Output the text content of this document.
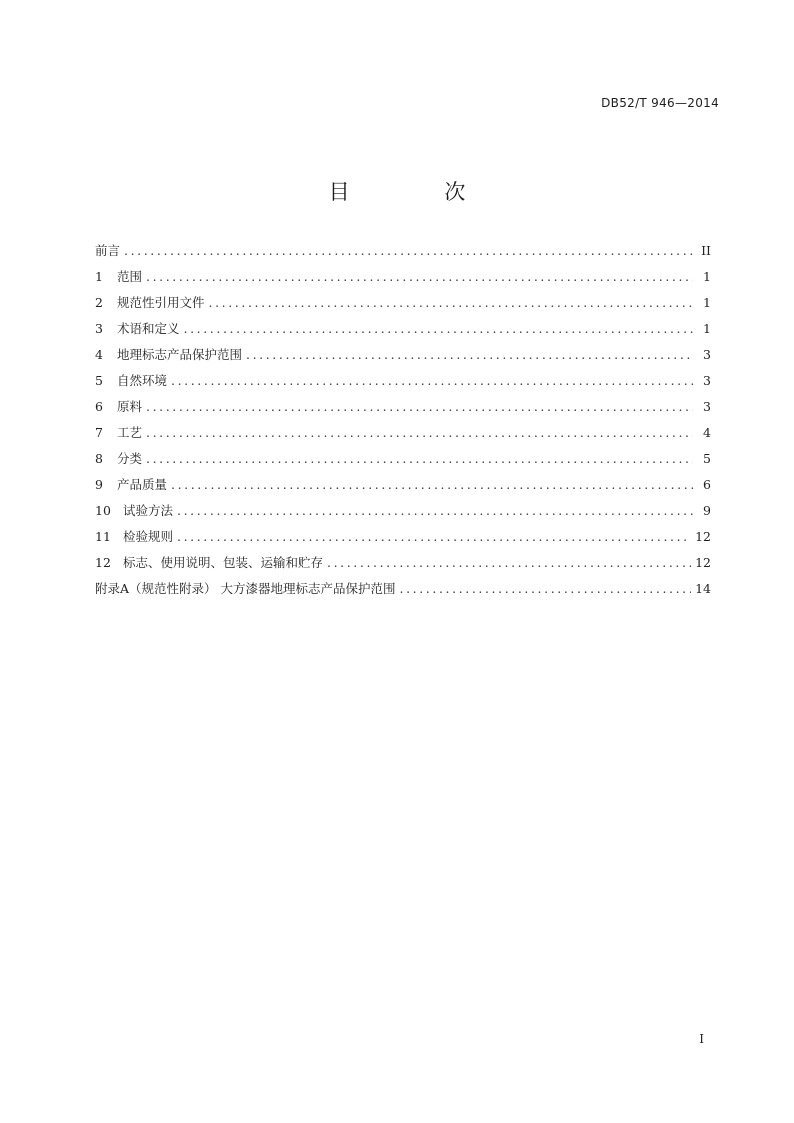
DB52/T 946—2014
目 次
前言 .....	II
1	范围 .....	1
2	规范性引用文件 .....	1
3	术语和定义 .....	1
4	地理标志产品保护范围 .....	3
5	自然环境 .....	3
6	原料 .....	3
7	工艺 .....	4
8	分类 .....	5
9	产品质量 .....	6
10 试验方法 .....	9
11 检验规则 .....	12
12 标志、使用说明、包装、运输和贮存 .....	12
附录A（规范性附录） 大方漆器地理标志产品保护范围 .....	14
I
